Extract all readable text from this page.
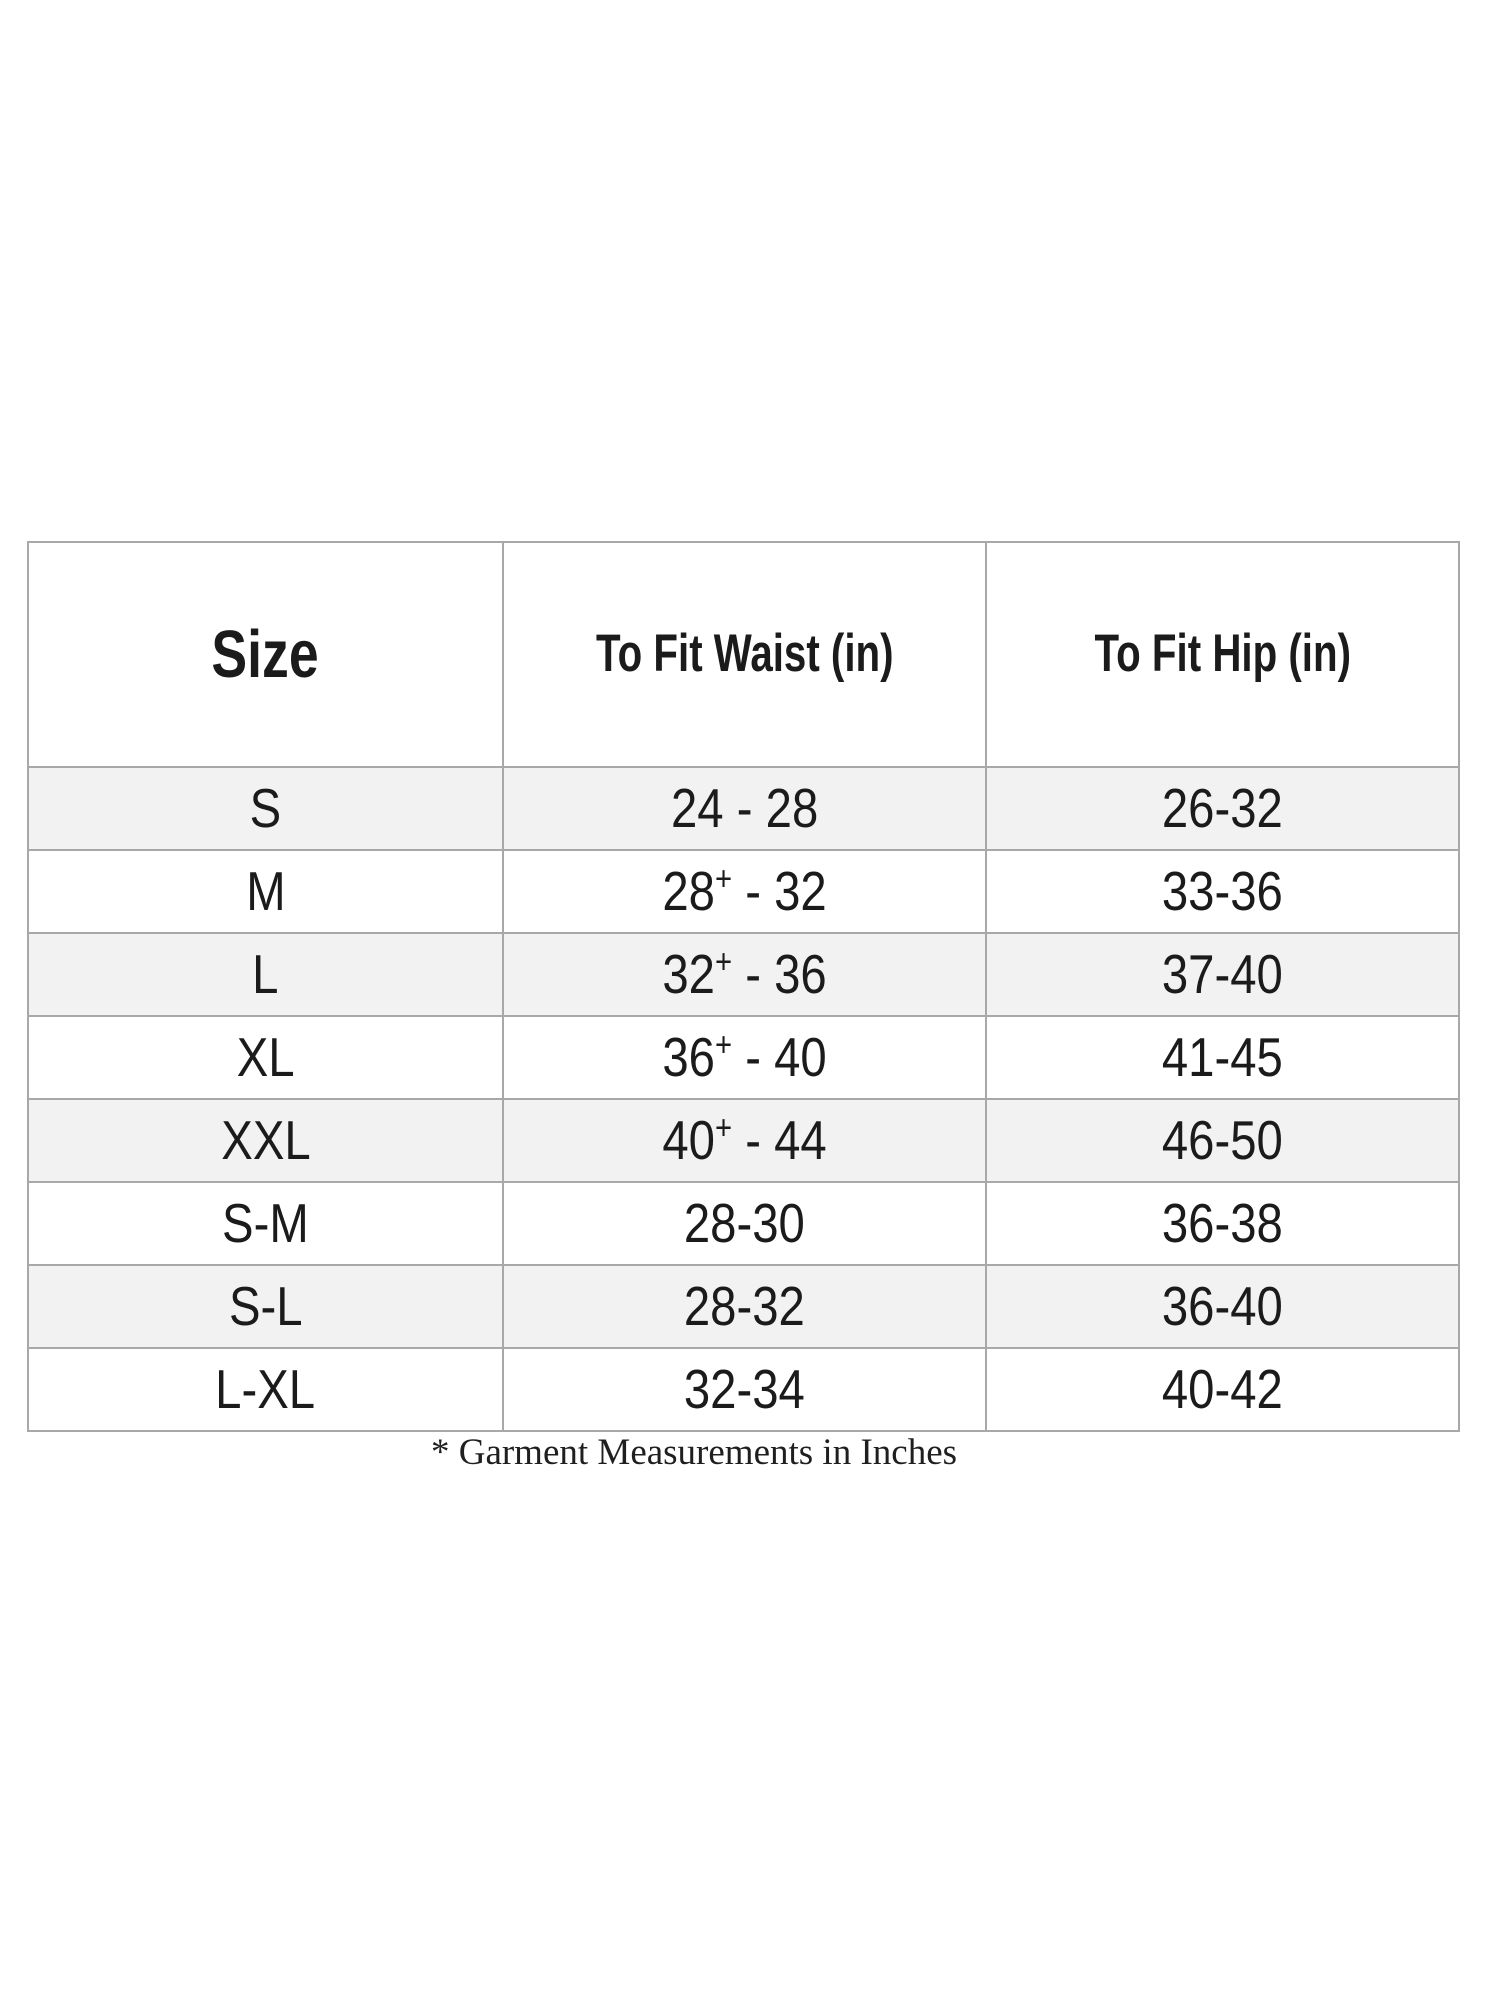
Size	To Fit Waist (in)	To Fit Hip (in)
S	24 - 28	26-32
M	28+ - 32	33-36
L	32+ - 36	37-40
XL	36+ - 40	41-45
XXL	40+ - 44	46-50
S-M	28-30	36-38
S-L	28-32	36-40
L-XL	32-34	40-42
* Garment Measurements in Inches
